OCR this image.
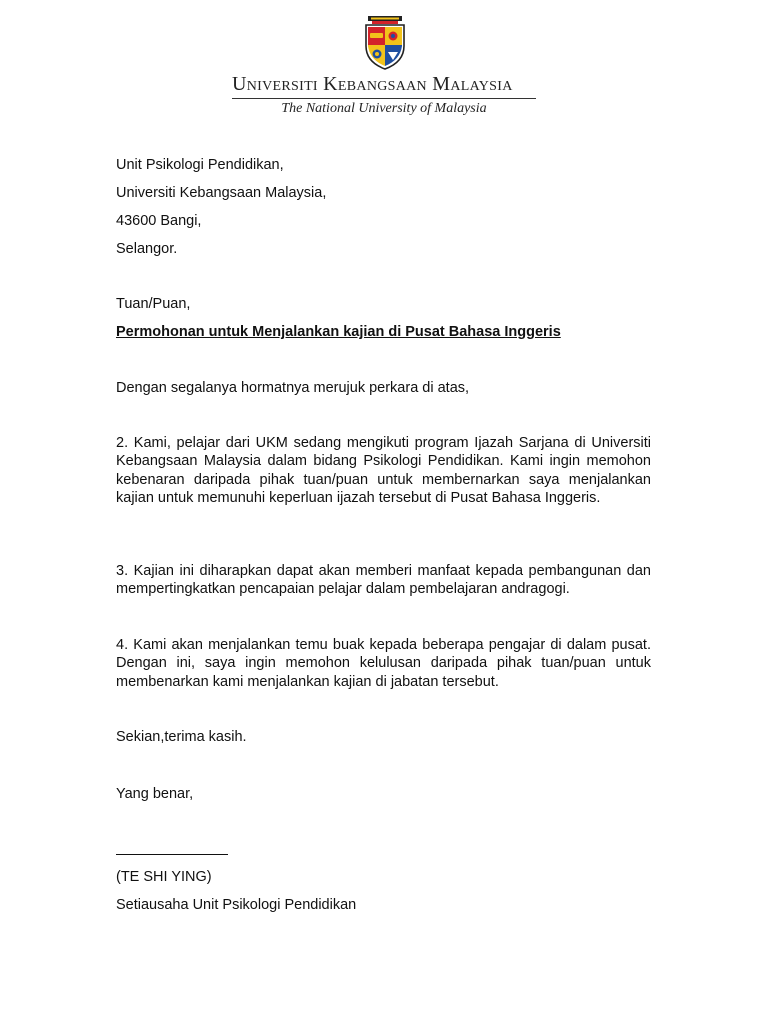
Universiti Kebangsaan Malaysia
The National University of Malaysia
Unit Psikologi Pendidikan,
Universiti Kebangsaan Malaysia,
43600 Bangi,
Selangor.
Tuan/Puan,
Permohonan untuk Menjalankan kajian di Pusat Bahasa Inggeris
Dengan segalanya hormatnya merujuk perkara di atas,
2. Kami, pelajar dari UKM sedang mengikuti program Ijazah Sarjana di Universiti Kebangsaan Malaysia dalam bidang Psikologi Pendidikan. Kami ingin memohon kebenaran daripada pihak tuan/puan untuk membernarkan saya menjalankan kajian untuk memunuhi keperluan ijazah tersebut di Pusat Bahasa Inggeris.
3. Kajian ini diharapkan dapat akan memberi manfaat kepada pembangunan dan mempertingkatkan pencapaian pelajar dalam pembelajaran andragogi.
4. Kami akan menjalankan temu buak kepada beberapa pengajar di dalam pusat. Dengan ini, saya ingin memohon kelulusan daripada pihak tuan/puan untuk membenarkan kami menjalankan kajian di jabatan tersebut.
Sekian,terima kasih.
Yang benar,
(TE SHI YING)
Setiausaha Unit Psikologi Pendidikan
